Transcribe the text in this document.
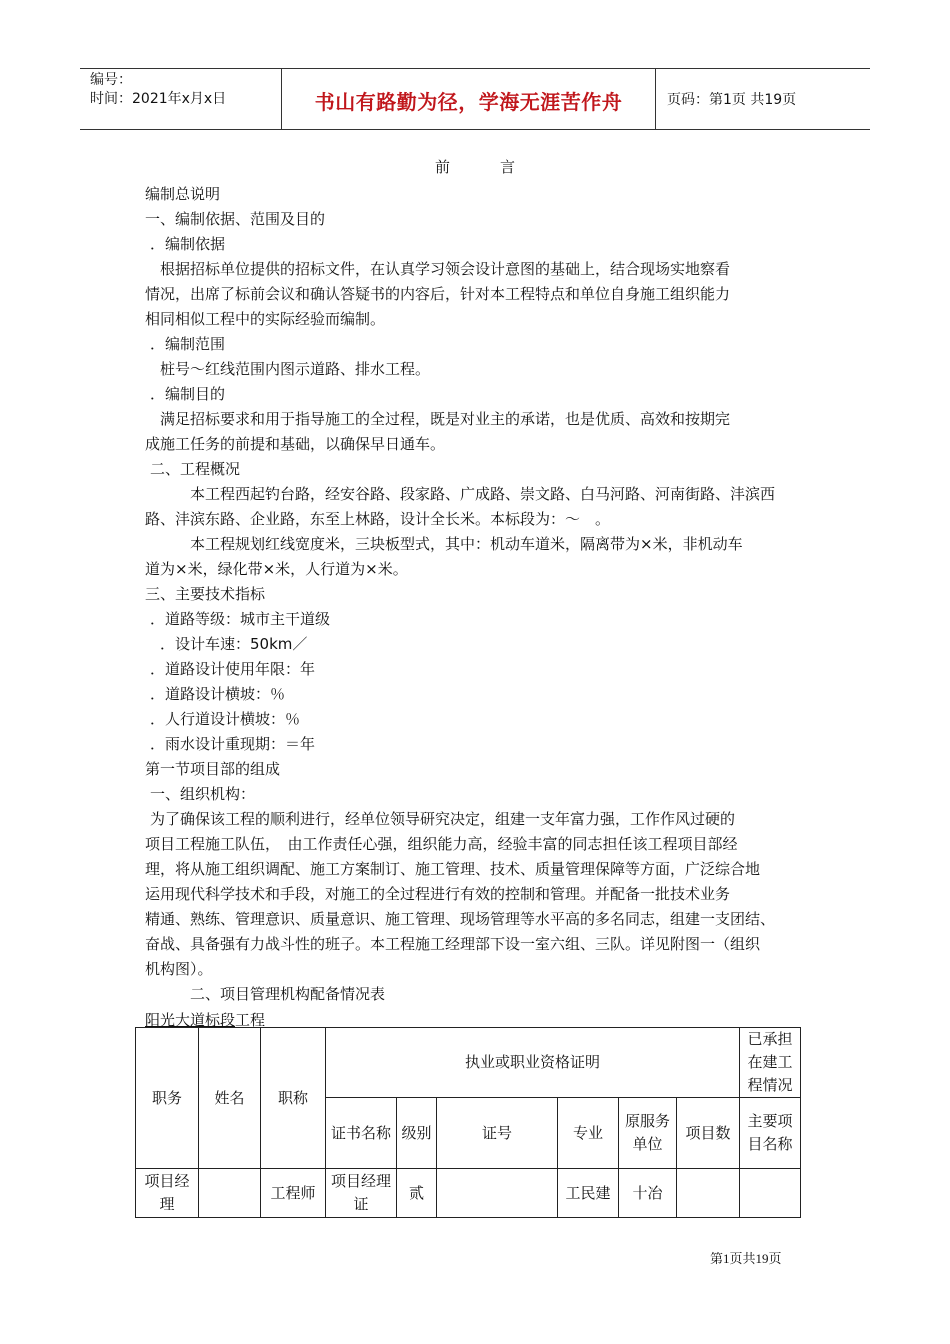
编号：
时间：2021年x月x日	书山有路勤为径，学海无涯苦作舟	页码：第1页 共19页
前言
编制总说明
一、编制依据、范围及目的
．编制依据
　根据招标单位提供的招标文件，在认真学习领会设计意图的基础上，结合现场实地察看
情况，出席了标前会议和确认答疑书的内容后，针对本工程特点和单位自身施工组织能力
相同相似工程中的实际经验而编制。
．编制范围
　桩号～红线范围内图示道路、排水工程。
．编制目的
　满足招标要求和用于指导施工的全过程，既是对业主的承诺，也是优质、高效和按期完
成施工任务的前提和基础，以确保早日通车。
二、工程概况
本工程西起钓台路，经安谷路、段家路、广成路、崇文路、白马河路、河南街路、沣滨西
路、沣滨东路、企业路，东至上林路，设计全长米。本标段为：～　。
本工程规划红线宽度米，三块板型式，其中：机动车道米，隔离带为×米，非机动车
道为×米，绿化带×米，人行道为×米。
三、主要技术指标
．道路等级：城市主干道级
．设计车速：50km／
．道路设计使用年限：年
．道路设计横坡：％
．人行道设计横坡：％
．雨水设计重现期：＝年
第一节项目部的组成
一、组织机构：
为了确保该工程的顺利进行，经单位领导研究决定，组建一支年富力强，工作作风过硬的
项目工程施工队伍，　由工作责任心强，组织能力高，经验丰富的同志担任该工程项目部经
理，将从施工组织调配、施工方案制订、施工管理、技术、质量管理保障等方面，广泛综合地
运用现代科学技术和手段，对施工的全过程进行有效的控制和管理。并配备一批技术业务
精通、熟练、管理意识、质量意识、施工管理、现场管理等水平高的多名同志，组建一支团结、
奋战、具备强有力战斗性的班子。本工程施工经理部下设一室六组、三队。详见附图一（组织
机构图）。
二、项目管理机构配备情况表
阳光大道标段工程
职务	姓名	职称	执业或职业资格证明						已承担在建工程情况
			证书名称	级别	证号	专业	原服务单位	项目数	主要项目名称
项目经理		工程师	项目经理证	贰		工民建	十冶		
第1页共19页
